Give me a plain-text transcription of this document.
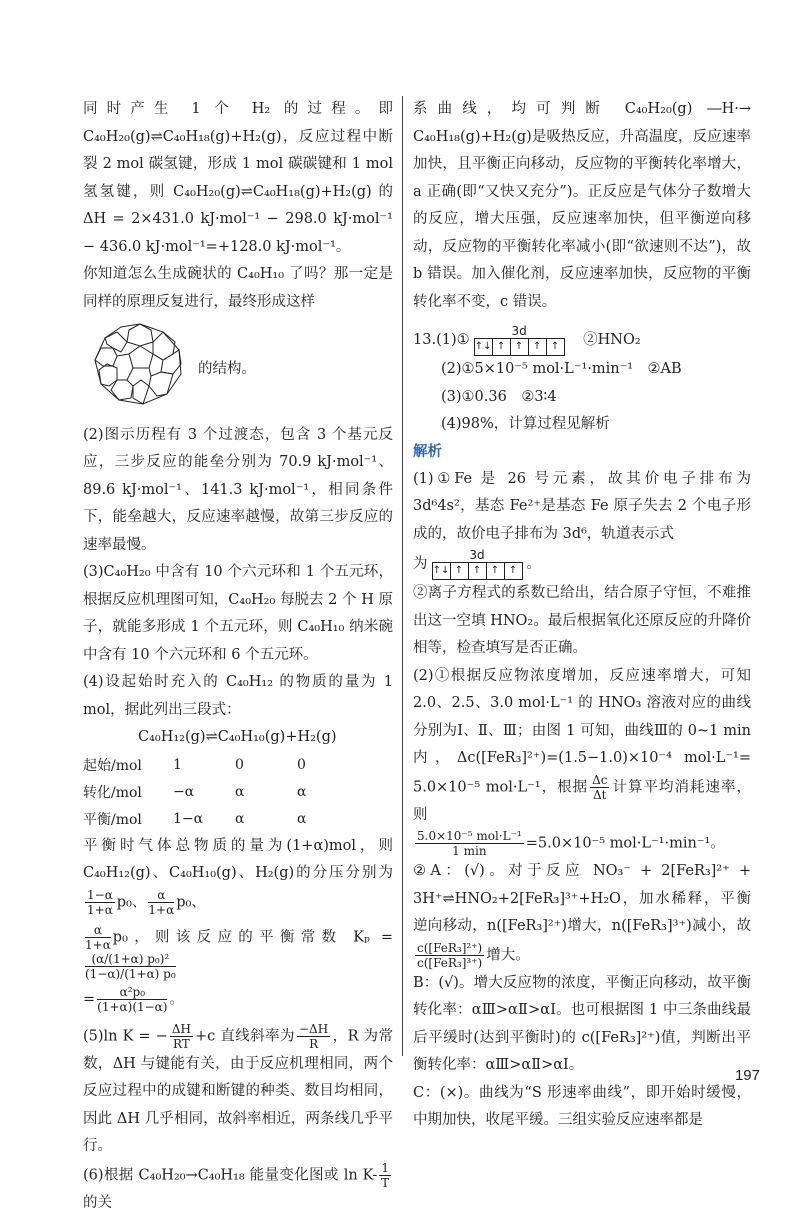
同时产生 1 个 H₂ 的过程。即 C₄₀H₂₀(g)⇌C₄₀H₁₈(g)+H₂(g)，反应过程中断裂 2 mol 碳氢键，形成 1 mol 碳碳键和 1 mol 氢氢键，则 C₄₀H₂₀(g)⇌C₄₀H₁₈(g)+H₂(g) 的 ΔH = 2×431.0 kJ·mol⁻¹ − 298.0 kJ·mol⁻¹ − 436.0 kJ·mol⁻¹=+128.0 kJ·mol⁻¹。

你知道怎么生成碗状的 C₄₀H₁₀ 了吗？那一定是同样的原理反复进行，最终形成这样
的结构。

(2)图示历程有 3 个过渡态，包含 3 个基元反应，三步反应的能垒分别为 70.9 kJ·mol⁻¹、89.6 kJ·mol⁻¹、141.3 kJ·mol⁻¹，相同条件下，能垒越大，反应速率越慢，故第三步反应的速率最慢。

(3)C₄₀H₂₀ 中含有 10 个六元环和 1 个五元环，根据反应机理图可知，C₄₀H₂₀ 每脱去 2 个 H 原子，就能多形成 1 个五元环，则 C₄₀H₁₀ 纳米碗中含有 10 个六元环和 6 个五元环。

(4)设起始时充入的 C₄₀H₁₂ 的物质的量为 1 mol，据此列出三段式：

C₄₀H₁₂(g)⇌C₄₀H₁₀(g)+H₂(g)

起始/mol	1	0	0
转化/mol	−α	α	α
平衡/mol	1−α	α	α

平衡时气体总物质的量为(1+α)mol，则 C₄₀H₁₂(g)、C₄₀H₁₀(g)、H₂(g)的分压分别为
$\frac{1-\alpha}{1+\alpha} p_0$、 $\frac{\alpha}{1+\alpha} p_0$、

$\frac{\alpha}{1+\alpha} p_0$，则该反应的平衡常数 Kₚ =
$\frac{\text{(α/(1+α) p₀)²}}{\text{(1−α)/(1+α) p₀}}$

= $\frac{\text{α²p₀}}{(1+\alpha)(1-\alpha)}$ 。

(5)ln K = − $\frac{\Delta H}{RT} +c$ 直线斜率为 $\frac{-\Delta H}{R}$ ，R 为常数，ΔH 与键能有关，由于反应机理相同，两个反应过程中的成键和断键的种类、数目均相同，因此 ΔH 几乎相同，故斜率相近，两条线几乎平行。

(6)根据 C₄₀H₂₀→C₄₀H₁₈ 能量变化图或 $\ln K- \frac{1}{T}$
的关

系曲线，均可判断 C₄₀H₂₀(g) ―H·→ C₄₀H₁₈(g)+H₂(g)是吸热反应，升高温度，反应速率加快，且平衡正向移动，反应物的平衡转化率增大，a 正确(即“又快又充分”)。正反应是气体分子数增大的反应，增大压强，反应速率加快，但平衡逆向移动，反应物的平衡转化率减小(即“欲速则不达”)，故 b 错误。加入催化剂，反应速率加快，反应物的平衡转化率不变，c 错误。

13.(1)①
3d
↑↓ ↑ ↑ ↑ ↑
　 ②HNO₂

(2)①5×10⁻⁵ mol·L⁻¹·min⁻¹　②AB

(3)①0.36　②3∶4

(4)98%，计算过程见解析

解析

(1)①Fe 是 26 号元素，故其价电子排布为 3d⁶4s²，基态 Fe²⁺是基态 Fe 原子失去 2 个电子形成的，故价电子排布为 3d⁶，轨道表示式

为
3d
↑↓ ↑ ↑ ↑ ↑ 。

②离子方程式的系数已给出，结合原子守恒，不难推出这一空填 HNO₂。最后根据氧化还原反应的升降价相等，检查填写是否正确。

(2)①根据反应物浓度增加，反应速率增大，可知 2.0、2.5、3.0 mol·L⁻¹ 的 HNO₃ 溶液对应的曲线分别为Ⅰ、Ⅱ、Ⅲ；由图 1 可知，曲线Ⅲ的 0~1 min 内，Δc([FeR₃]²⁺)=(1.5−1.0)×10⁻⁴ mol·L⁻¹= 5.0×10⁻⁵ mol·L⁻¹，根据 $\frac{\Delta c}{\Delta t}$ 计算平均消耗速率，则

$\frac{\text{5.0×10⁻⁵ mol·L⁻¹}}{1 \min} =5.0\times 10^{-5}$ mol·L⁻¹·min⁻¹。

②A：(√)。对于反应 NO₃⁻ + 2[FeR₃]²⁺ + 3H⁺⇌HNO₂+2[FeR₃]³⁺+H₂O，加水稀释，平衡逆向移动，n([FeR₃]²⁺)增大，n([FeR₃]³⁺)减小，故
$\frac{\text{c([FeR₃]²⁺)}}{\text{c([FeR₃]³⁺)}}$ 增大。

B：(√)。增大反应物的浓度，平衡正向移动，故平衡转化率：αⅢ>αⅡ>αⅠ。也可根据图 1 中三条曲线最后平缓时(达到平衡时)的 c([FeR₃]²⁺)值，判断出平衡转化率：αⅢ>αⅡ>αⅠ。

C：(×)。曲线为“S 形速率曲线”，即开始时缓慢，中期加快，收尾平缓。三组实验反应速率都是

197
